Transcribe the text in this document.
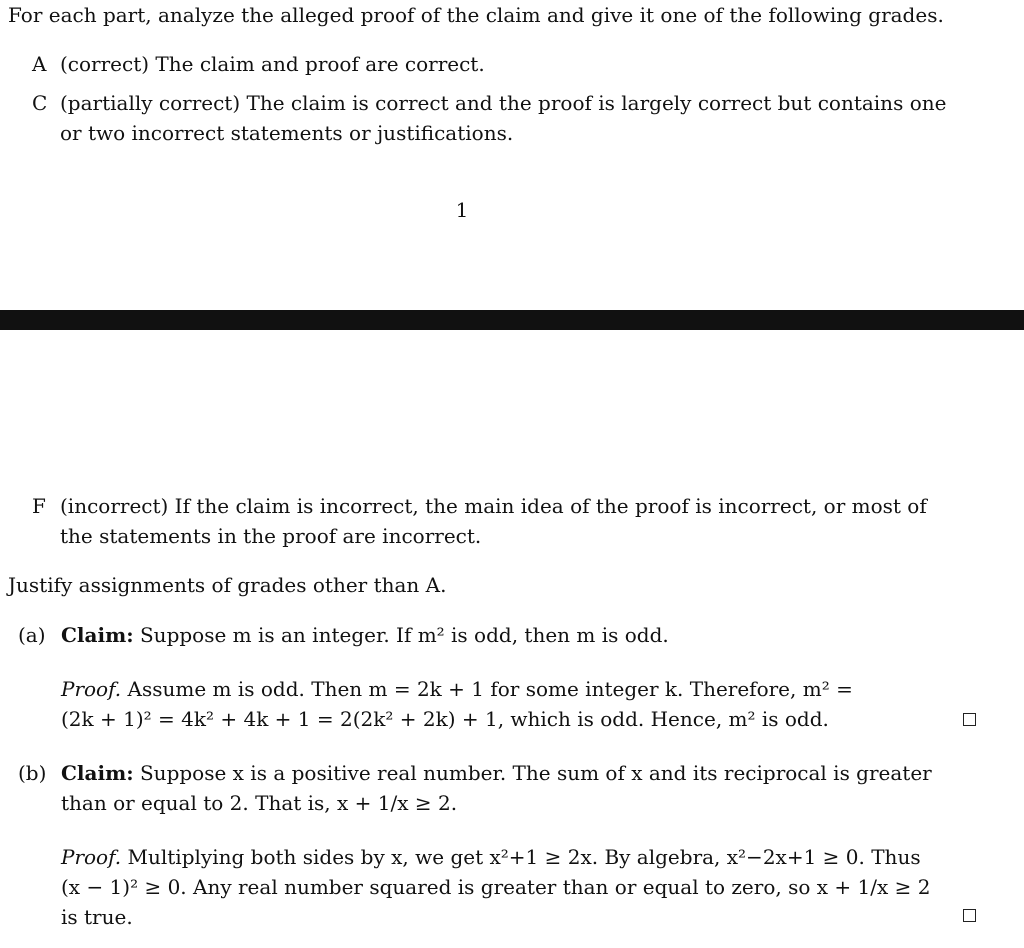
For each part, analyze the alleged proof of the claim and give it one of the following grades.
A (correct) The claim and proof are correct.
C (partially correct) The claim is correct and the proof is largely correct but contains one
or two incorrect statements or justifications.
1
F (incorrect) If the claim is incorrect, the main idea of the proof is incorrect, or most of
the statements in the proof are incorrect.
Justify assignments of grades other than A.
(a) Claim: Suppose m is an integer. If m² is odd, then m is odd.
Proof. Assume m is odd. Then m = 2k + 1 for some integer k. Therefore, m² =
(2k + 1)² = 4k² + 4k + 1 = 2(2k² + 2k) + 1, which is odd. Hence, m² is odd.
(b) Claim: Suppose x is a positive real number. The sum of x and its reciprocal is greater
than or equal to 2. That is, x + 1/x ≥ 2.
Proof. Multiplying both sides by x, we get x²+1 ≥ 2x. By algebra, x²−2x+1 ≥ 0. Thus
(x − 1)² ≥ 0. Any real number squared is greater than or equal to zero, so x + 1/x ≥ 2
is true.
